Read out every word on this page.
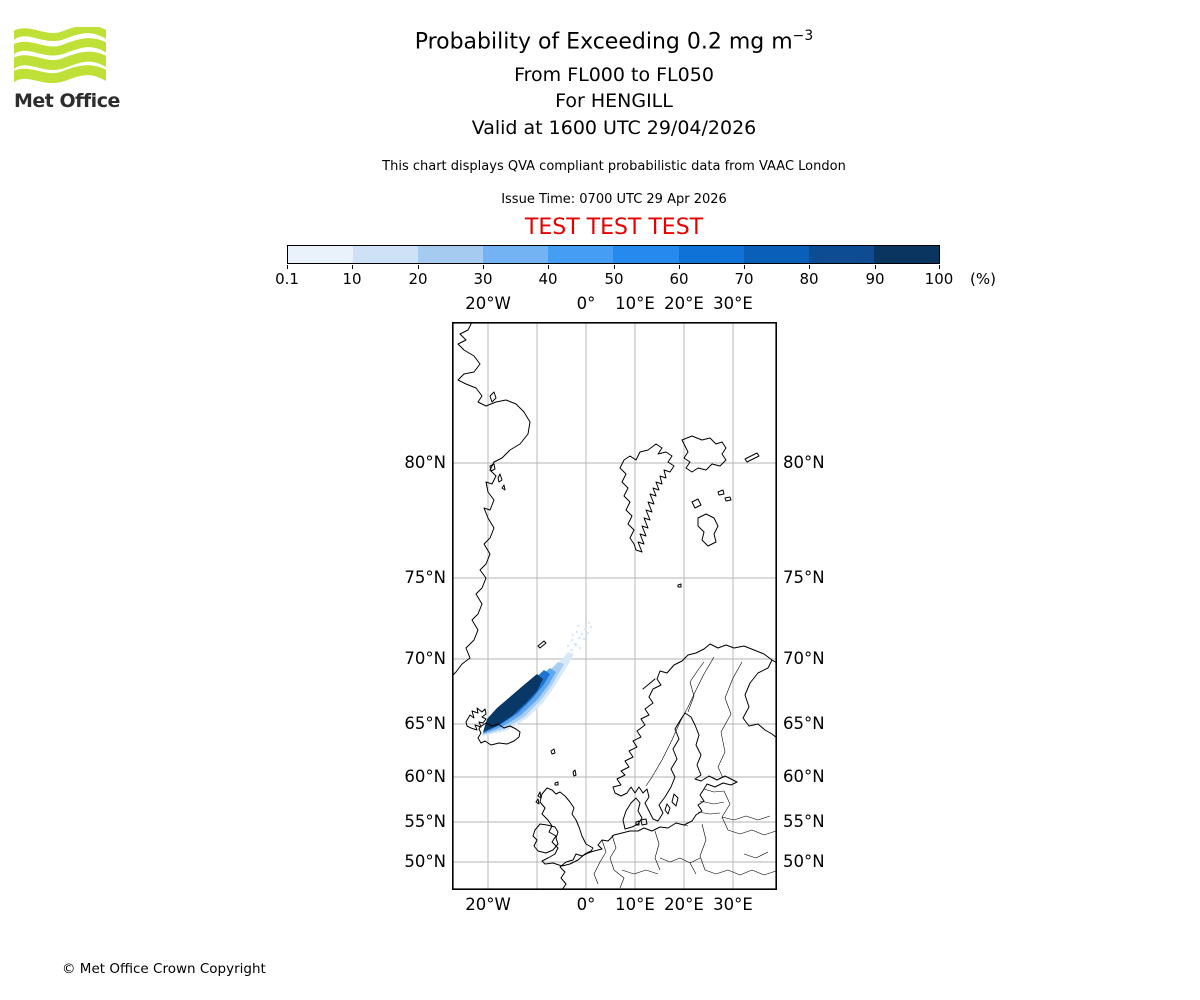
Met Office
Probability of Exceeding 0.2 mg $m^{-3}$
From FL000 to FL050
For HENGILL
Valid at 1600 UTC 29/04/2026
This chart displays QVA compliant probabilistic data from VAAC London
Issue Time: 0700 UTC 29 Apr 2026
TEST TEST TEST
0.1	10	20	30	40	50	60	70	80	90	100	(%)
20°W	0°	10°E 20°E 30°E
20°W	0°	10°E 20°E 30°E
80°N
75°N
70°N
65°N
60°N
55°N
50°N
80°N
75°N
70°N
65°N
60°N
55°N
50°N
© Met Office Crown Copyright
